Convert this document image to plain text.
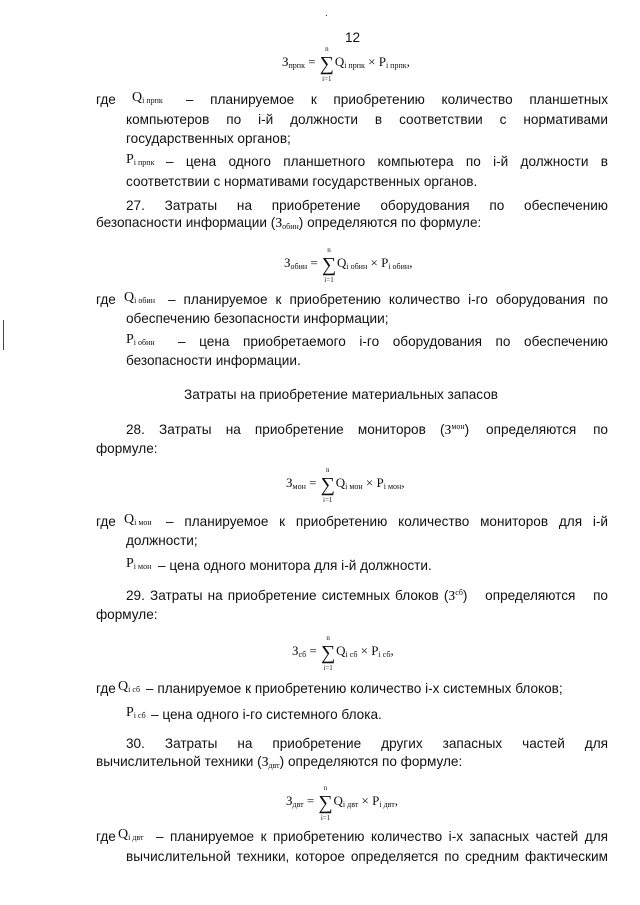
12
.
$З_{прпк}$ =
n
∑
i=1
$Q_{i прпк} \times P_{i прпк}$,
где $Q_{i прпк}$ – планируемое к приобретению количество планшетных
компьютеров по i-й должности в соответствии с нормативами
государственных органов;
$P_{i прпк}$ – цена одного планшетного компьютера по i-й должности в
соответствии с нормативами государственных органов.
27. Затраты на приобретение оборудования по обеспечению
безопасности информации $(З_{обин})$ определяются по формуле:
$З_{обин}$ =
n
∑
i=1
$Q_{i обин} \times P_{i обин}$,
где $Q_{i обин}$ – планируемое к приобретению количество i-го оборудования по
обеспечению безопасности информации;
$P_{i обин}$ – цена приобретаемого i-го оборудования по обеспечению
безопасности информации.
Затраты на приобретение материальных запасов
28. Затраты на приобретение мониторов ( З мон ) определяются по
формуле:
$З_{мон}$ =
n
∑
i=1
$Q_{i мон} \times P_{i мон}$,
где $Q_{i мон}$ – планируемое к приобретению количество мониторов для i-й
должности;
$P_{i мон}$ – цена одного монитора для i-й должности.
29. Затраты на приобретение системных блоков ( З сб ) определяются по
формуле:
$З_{сб}$ =
n
∑
i=1
$Q_{i сб} \times P_{i сб}$,
где $Q_{i сб}$ – планируемое к приобретению количество i-х системных блоков;
$P_{i сб}$ – цена одного i-го системного блока.
30. Затраты на приобретение других запасных частей для
вычислительной техники $(З_{двт})$ определяются по формуле:
$З_{двт}$ =
n
∑
i=1
$Q_{i двт} \times P_{i двт}$,
где $Q_{i двт}$ – планируемое к приобретению количество i-х запасных частей для
вычислительной техники, которое определяется по средним фактическим
